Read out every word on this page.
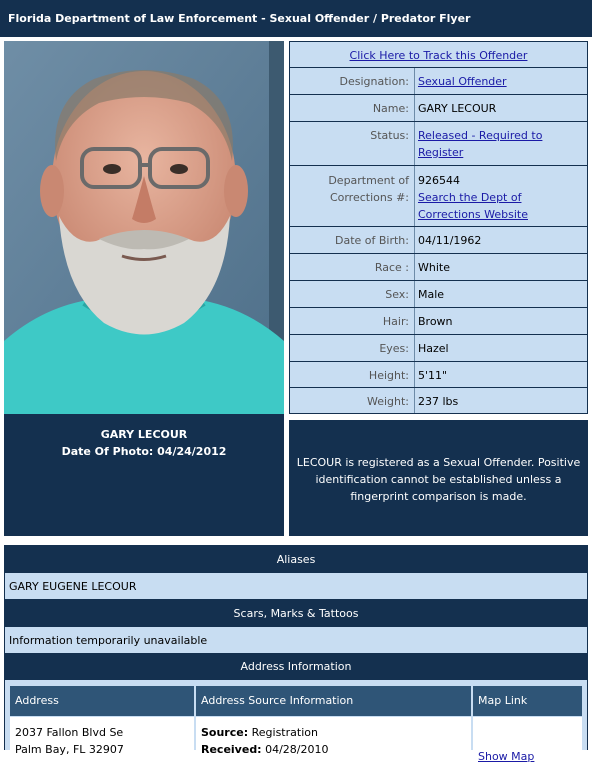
Florida Department of Law Enforcement - Sexual Offender / Predator Flyer
GARY LECOUR
Date Of Photo: 04/24/2012
Click Here to Track this Offender
Designation: Sexual Offender
Name: GARY LECOUR
Status: Released - Required to Register
Department of Corrections #:
926544
Search the Dept of Corrections Website
Date of Birth: 04/11/1962
Race : White
Sex: Male
Hair: Brown
Eyes: Hazel
Height: 5'11"
Weight: 237 lbs
LECOUR is registered as a Sexual Offender. Positive identification cannot be established unless a fingerprint comparison is made.
Aliases
GARY EUGENE LECOUR
Scars, Marks & Tattoos
Information temporarily unavailable
Address Information
Address	Address Source Information	Map Link
2037 Fallon Blvd Se
Palm Bay, FL 32907
Source: Registration
Received: 04/28/2010
Show Map
